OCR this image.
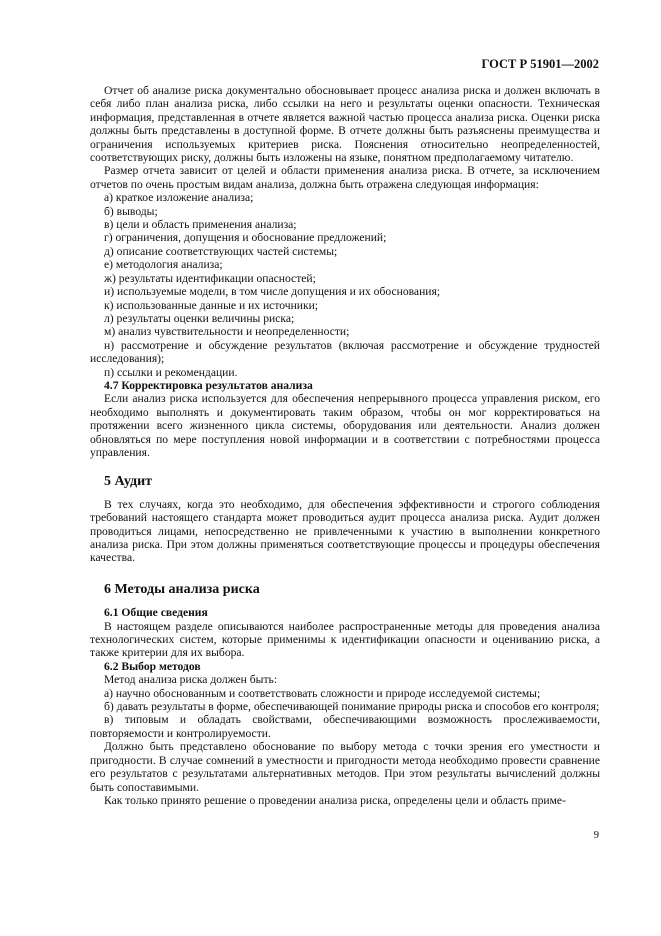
ГОСТ Р 51901—2002

Отчет об анализе риска документально обосновывает процесс анализа риска и должен включать в себя либо план анализа риска, либо ссылки на него и результаты оценки опасности. Техническая информация, представленная в отчете является важной частью процесса анализа риска. Оценки риска должны быть представлены в доступной форме. В отчете должны быть разъяснены преимущества и ограничения используемых критериев риска. Пояснения относительно неопределенностей, соответствующих риску, должны быть изложены на языке, понятном предполагаемому читателю.

Размер отчета зависит от целей и области применения анализа риска. В отчете, за исключением отчетов по очень простым видам анализа, должна быть отражена следующая информация:

а) краткое изложение анализа;

б) выводы;

в) цели и область применения анализа;

г) ограничения, допущения и обоснование предложений;

д) описание соответствующих частей системы;

е) методология анализа;

ж) результаты идентификации опасностей;

и) используемые модели, в том числе допущения и их обоснования;

к) использованные данные и их источники;

л) результаты оценки величины риска;

м) анализ чувствительности и неопределенности;

н) рассмотрение и обсуждение результатов (включая рассмотрение и обсуждение трудностей исследования);

п) ссылки и рекомендации.

4.7 Корректировка результатов анализа

Если анализ риска используется для обеспечения непрерывного процесса управления риском, его необходимо выполнять и документировать таким образом, чтобы он мог корректироваться на протяжении всего жизненного цикла системы, оборудования или деятельности. Анализ должен обновляться по мере поступления новой информации и в соответствии с потребностями процесса управления.

5 Аудит

В тех случаях, когда это необходимо, для обеспечения эффективности и строгого соблюдения требований настоящего стандарта может проводиться аудит процесса анализа риска. Аудит должен проводиться лицами, непосредственно не привлеченными к участию в выполнении конкретного анализа риска. При этом должны применяться соответствующие процессы и процедуры обеспечения качества.

6 Методы анализа риска

6.1 Общие сведения

В настоящем разделе описываются наиболее распространенные методы для проведения анализа технологических систем, которые применимы к идентификации опасности и оцениванию риска, а также критерии для их выбора.

6.2 Выбор методов

Метод анализа риска должен быть:

а) научно обоснованным и соответствовать сложности и природе исследуемой системы;

б) давать результаты в форме, обеспечивающей понимание природы риска и способов его контроля;

в) типовым и обладать свойствами, обеспечивающими возможность прослеживаемости, повторяемости и контролируемости.

Должно быть представлено обоснование по выбору метода с точки зрения его уместности и пригодности. В случае сомнений в уместности и пригодности метода необходимо провести сравнение его результатов с результатами альтернативных методов. При этом результаты вычислений должны быть сопоставимыми.

Как только принято решение о проведении анализа риска, определены цели и область приме-

9
